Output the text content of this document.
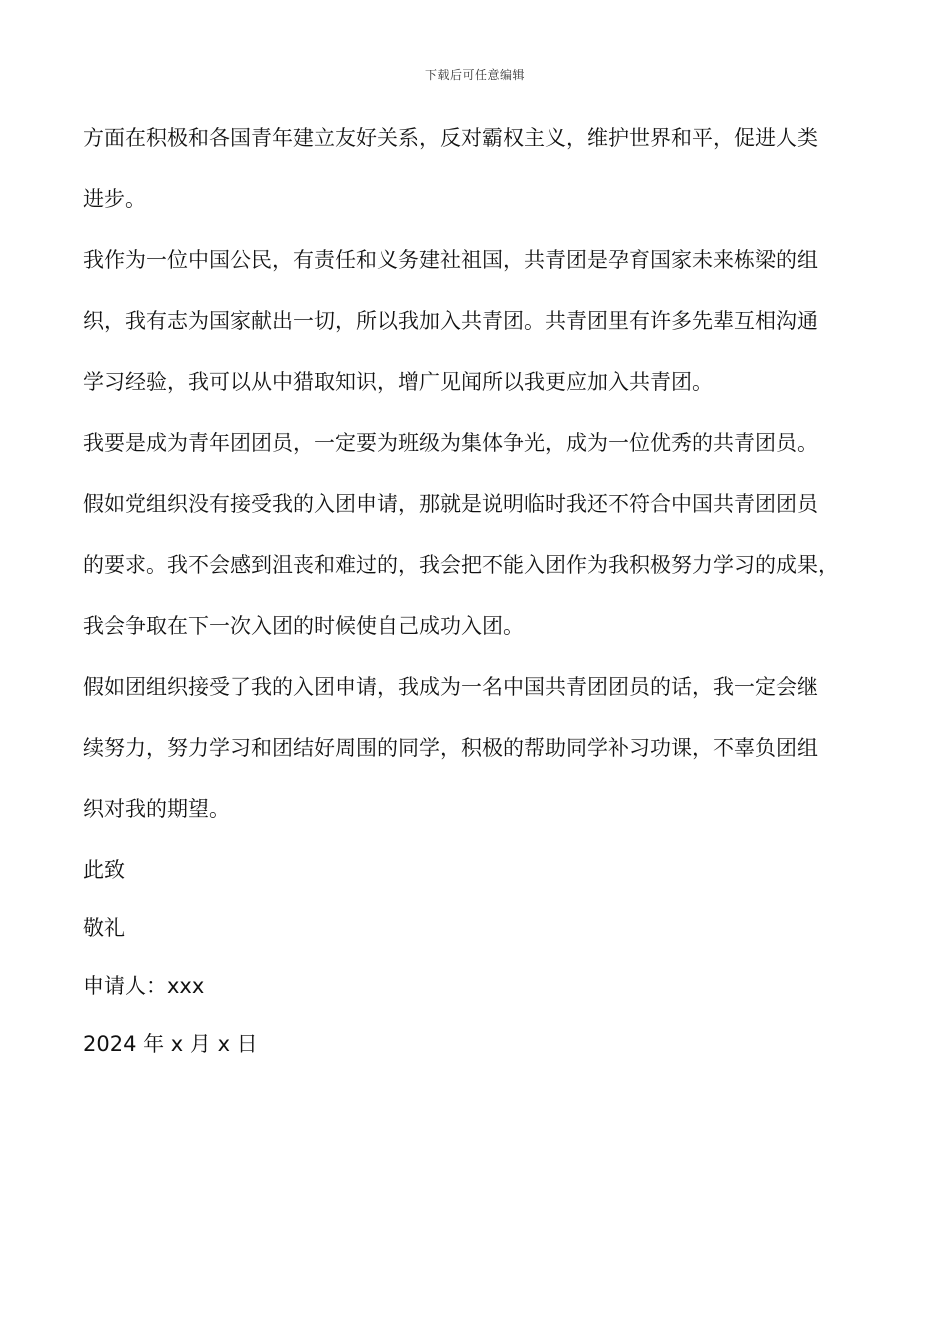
下载后可任意编辑
方面在积极和各国青年建立友好关系，反对霸权主义，维护世界和平，促进人类
进步。
我作为一位中国公民，有责任和义务建社祖国，共青团是孕育国家未来栋梁的组
织，我有志为国家献出一切，所以我加入共青团。共青团里有许多先辈互相沟通
学习经验，我可以从中猎取知识，增广见闻所以我更应加入共青团。
我要是成为青年团团员，一定要为班级为集体争光，成为一位优秀的共青团员。
假如党组织没有接受我的入团申请，那就是说明临时我还不符合中国共青团团员
的要求。我不会感到沮丧和难过的，我会把不能入团作为我积极努力学习的成果，
我会争取在下一次入团的时候使自己成功入团。
假如团组织接受了我的入团申请，我成为一名中国共青团团员的话，我一定会继
续努力，努力学习和团结好周围的同学，积极的帮助同学补习功课，不辜负团组
织对我的期望。
此致
敬礼
申请人：xxx
2024 年 x 月 x 日
